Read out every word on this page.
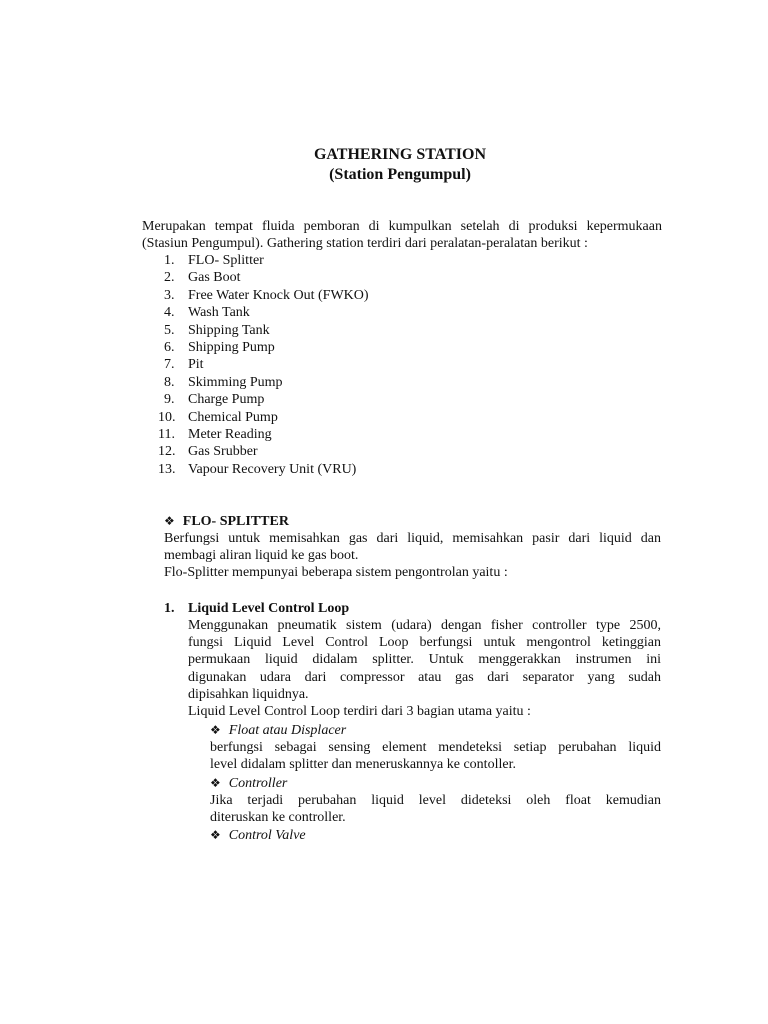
GATHERING STATION
(Station Pengumpul)
Merupakan tempat fluida pemboran di kumpulkan setelah di produksi kepermukaan
(Stasiun Pengumpul). Gathering station terdiri dari peralatan-peralatan berikut :
1. FLO- Splitter
2. Gas Boot
3. Free Water Knock Out (FWKO)
4. Wash Tank
5. Shipping Tank
6. Shipping Pump
7. Pit
8. Skimming Pump
9. Charge Pump
10. Chemical Pump
11. Meter Reading
12. Gas Srubber
13. Vapour Recovery Unit (VRU)
❖ FLO- SPLITTER
Berfungsi untuk memisahkan gas dari liquid, memisahkan pasir dari liquid dan
membagi aliran liquid ke gas boot.
Flo-Splitter mempunyai beberapa sistem pengontrolan yaitu :
1. Liquid Level Control Loop
Menggunakan pneumatik sistem (udara) dengan fisher controller type 2500,
fungsi Liquid Level Control Loop berfungsi untuk mengontrol ketinggian
permukaan liquid didalam splitter. Untuk menggerakkan instrumen ini
digunakan udara dari compressor atau gas dari separator yang sudah
dipisahkan liquidnya.
Liquid Level Control Loop terdiri dari 3 bagian utama yaitu :
❖ Float atau Displacer
berfungsi sebagai sensing element mendeteksi setiap perubahan liquid
level didalam splitter dan meneruskannya ke contoller.
❖ Controller
Jika terjadi perubahan liquid level dideteksi oleh float kemudian
diteruskan ke controller.
❖ Control Valve
